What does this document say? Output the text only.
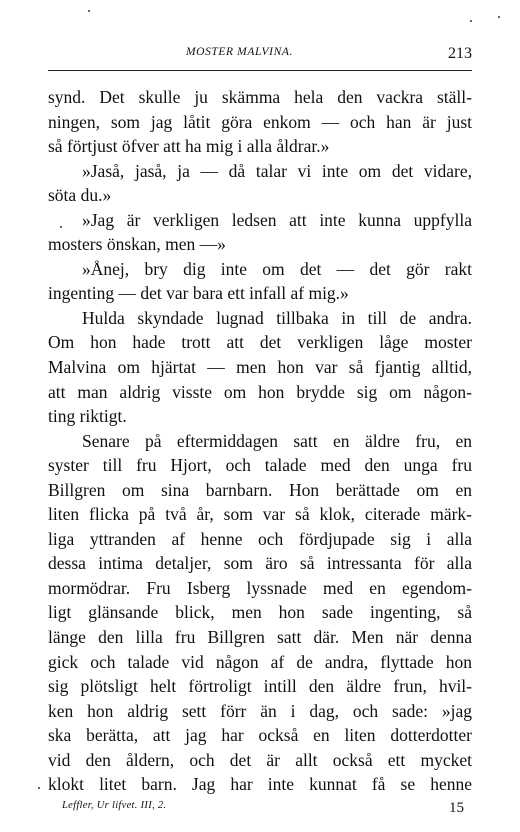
MOSTER MALVINA.	213
synd. Det skulle ju skämma hela den vackra ställ-
ningen, som jag låtit göra enkom — och han är just
så förtjust öfver att ha mig i alla åldrar.»
»Jaså, jaså, ja — då talar vi inte om det vidare,
söta du.»
»Jag är verkligen ledsen att inte kunna uppfylla
mosters önskan, men —»
»Ånej, bry dig inte om det — det gör rakt
ingenting — det var bara ett infall af mig.»
Hulda skyndade lugnad tillbaka in till de andra.
Om hon hade trott att det verkligen låge moster
Malvina om hjärtat — men hon var så fjantig alltid,
att man aldrig visste om hon brydde sig om någon-
ting riktigt.
Senare på eftermiddagen satt en äldre fru, en
syster till fru Hjort, och talade med den unga fru
Billgren om sina barnbarn. Hon berättade om en
liten flicka på två år, som var så klok, citerade märk-
liga yttranden af henne och fördjupade sig i alla
dessa intima detaljer, som äro så intressanta för alla
mormödrar. Fru Isberg lyssnade med en egendom-
ligt glänsande blick, men hon sade ingenting, så
länge den lilla fru Billgren satt där. Men när denna
gick och talade vid någon af de andra, flyttade hon
sig plötsligt helt förtroligt intill den äldre frun, hvil-
ken hon aldrig sett förr än i dag, och sade: »jag
ska berätta, att jag har också en liten dotterdotter
vid den åldern, och det är allt också ett mycket
klokt litet barn. Jag har inte kunnat få se henne
Leffler, Ur lifvet. III, 2.	15
